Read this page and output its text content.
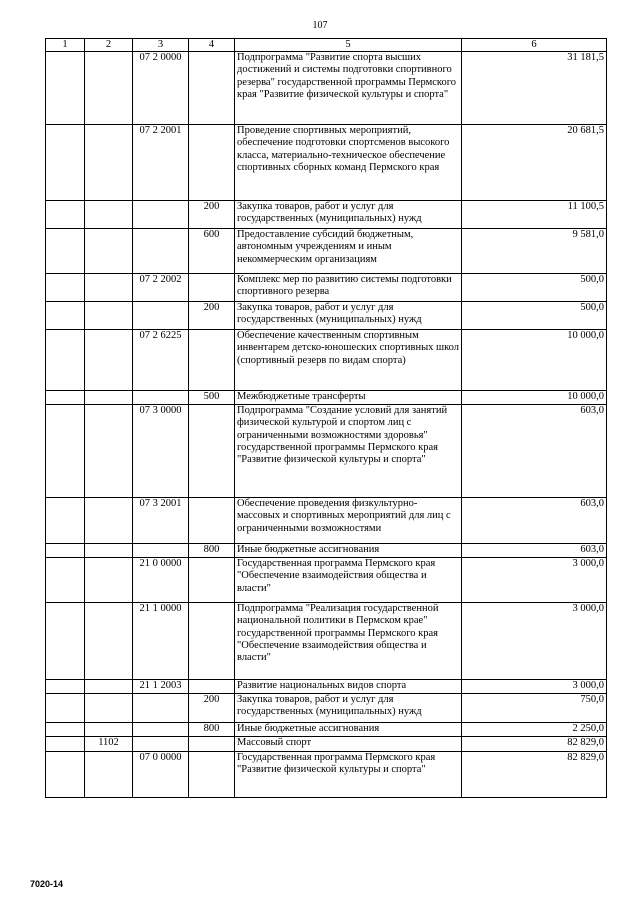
107
1	2	3	4	5	6
		07 2 0000		Подпрограмма "Развитие спорта высших достижений и системы подготовки спортивного резерва" государственной программы Пермского края "Развитие физической культуры и спорта"	31 181,5
		07 2 2001		Проведение спортивных мероприятий, обеспечение подготовки спортсменов высокого класса, материально-техническое обеспечение спортивных сборных команд Пермского края	20 681,5
			200	Закупка товаров, работ и услуг для государственных (муниципальных) нужд	11 100,5
			600	Предоставление субсидий бюджетным, автономным учреждениям и иным некоммерческим организациям	9 581,0
		07 2 2002		Комплекс мер по развитию системы подготовки спортивного резерва	500,0
			200	Закупка товаров, работ и услуг для государственных (муниципальных) нужд	500,0
		07 2 6225		Обеспечение качественным спортивным инвентарем детско-юношеских спортивных школ (спортивный резерв по видам спорта)	10 000,0
			500	Межбюджетные трансферты	10 000,0
		07 3 0000		Подпрограмма "Создание условий для занятий физической культурой и спортом лиц с ограниченными возможностями здоровья" государственной программы Пермского края "Развитие физической культуры и спорта"	603,0
		07 3 2001		Обеспечение проведения физкультурно-массовых и спортивных мероприятий для лиц с ограниченными возможностями	603,0
			800	Иные бюджетные ассигнования	603,0
		21 0 0000		Государственная программа Пермского края "Обеспечение взаимодействия общества и власти"	3 000,0
		21 1 0000		Подпрограмма "Реализация государственной национальной политики в Пермском крае" государственной программы Пермского края "Обеспечение взаимодействия общества и власти"	3 000,0
		21 1 2003		Развитие национальных видов спорта	3 000,0
			200	Закупка товаров, работ и услуг для государственных (муниципальных) нужд	750,0
			800	Иные бюджетные ассигнования	2 250,0
	1102			Массовый спорт	82 829,0
		07 0 0000		Государственная программа Пермского края "Развитие физической культуры и спорта"	82 829,0
7020-14
